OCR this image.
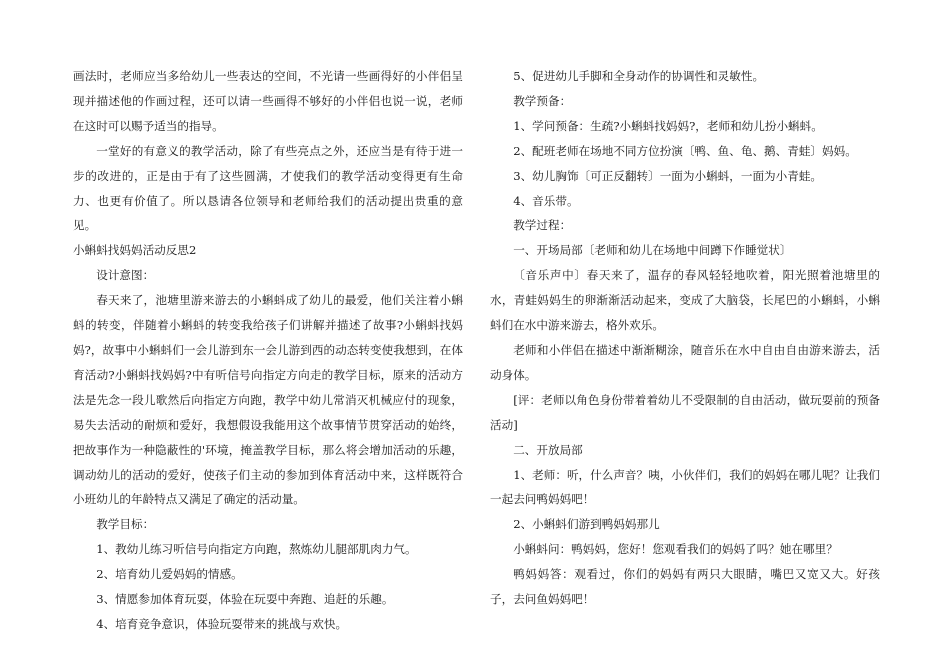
画法时，老师应当多给幼儿一些表达的空间，不光请一些画得好的小伴侣呈现并描述他的作画过程，还可以请一些画得不够好的小伴侣也说一说，老师在这时可以赐予适当的指导。

一堂好的有意义的教学活动，除了有些亮点之外，还应当是有待于进一步的改进的，正是由于有了这些圆满，才使我们的教学活动变得更有生命力、也更有价值了。所以恳请各位领导和老师给我们的活动提出贵重的意见。

小蝌蚪找妈妈活动反思2

设计意图：

春天来了，池塘里游来游去的小蝌蚪成了幼儿的最爱，他们关注着小蝌蚪的转变，伴随着小蝌蚪的转变我给孩子们讲解并描述了故事?小蝌蚪找妈妈?，故事中小蝌蚪们一会儿游到东一会儿游到西的动态转变使我想到，在体育活动?小蝌蚪找妈妈?中有听信号向指定方向走的教学目标，原来的活动方法是先念一段儿歌然后向指定方向跑，教学中幼儿常消灭机械应付的现象，易失去活动的耐烦和爱好，我想假设我能用这个故事情节贯穿活动的始终，把故事作为一种隐蔽性的'环境，掩盖教学目标，那么将会增加活动的乐趣，调动幼儿的活动的爱好，使孩子们主动的参加到体育活动中来，这样既符合小班幼儿的年龄特点又满足了确定的活动量。

教学目标：

1、教幼儿练习听信号向指定方向跑，熬炼幼儿腿部肌肉力气。

2、培育幼儿爱妈妈的情感。

3、情愿参加体育玩耍，体验在玩耍中奔跑、追赶的乐趣。

4、培育竞争意识，体验玩耍带来的挑战与欢快。

5、促进幼儿手脚和全身动作的协调性和灵敏性。

教学预备：

1、学问预备：生疏?小蝌蚪找妈妈?，老师和幼儿扮小蝌蚪。

2、配班老师在场地不同方位扮演〔鸭、鱼、龟、鹅、青蛙〕妈妈。

3、幼儿胸饰〔可正反翻转〕一面为小蝌蚪，一面为小青蛙。

4、音乐带。

教学过程：

一、开场局部〔老师和幼儿在场地中间蹲下作睡觉状〕

〔音乐声中〕春天来了，温存的春风轻轻地吹着，阳光照着池塘里的水，青蛙妈妈生的卵渐渐活动起来，变成了大脑袋，长尾巴的小蝌蚪，小蝌蚪们在水中游来游去，格外欢乐。

老师和小伴侣在描述中渐渐糊涂，随音乐在水中自由自由游来游去，活动身体。

[评：老师以角色身份带着着幼儿不受限制的自由活动，做玩耍前的预备活动]

二、开放局部

1、老师：听，什么声音？咦，小伙伴们，我们的妈妈在哪儿呢？让我们一起去问鸭妈妈吧！

2、小蝌蚪们游到鸭妈妈那儿

小蝌蚪问：鸭妈妈，您好！您观看我们的妈妈了吗？她在哪里？

鸭妈妈答：观看过，你们的妈妈有两只大眼睛，嘴巴又宽又大。好孩子，去问鱼妈妈吧！
